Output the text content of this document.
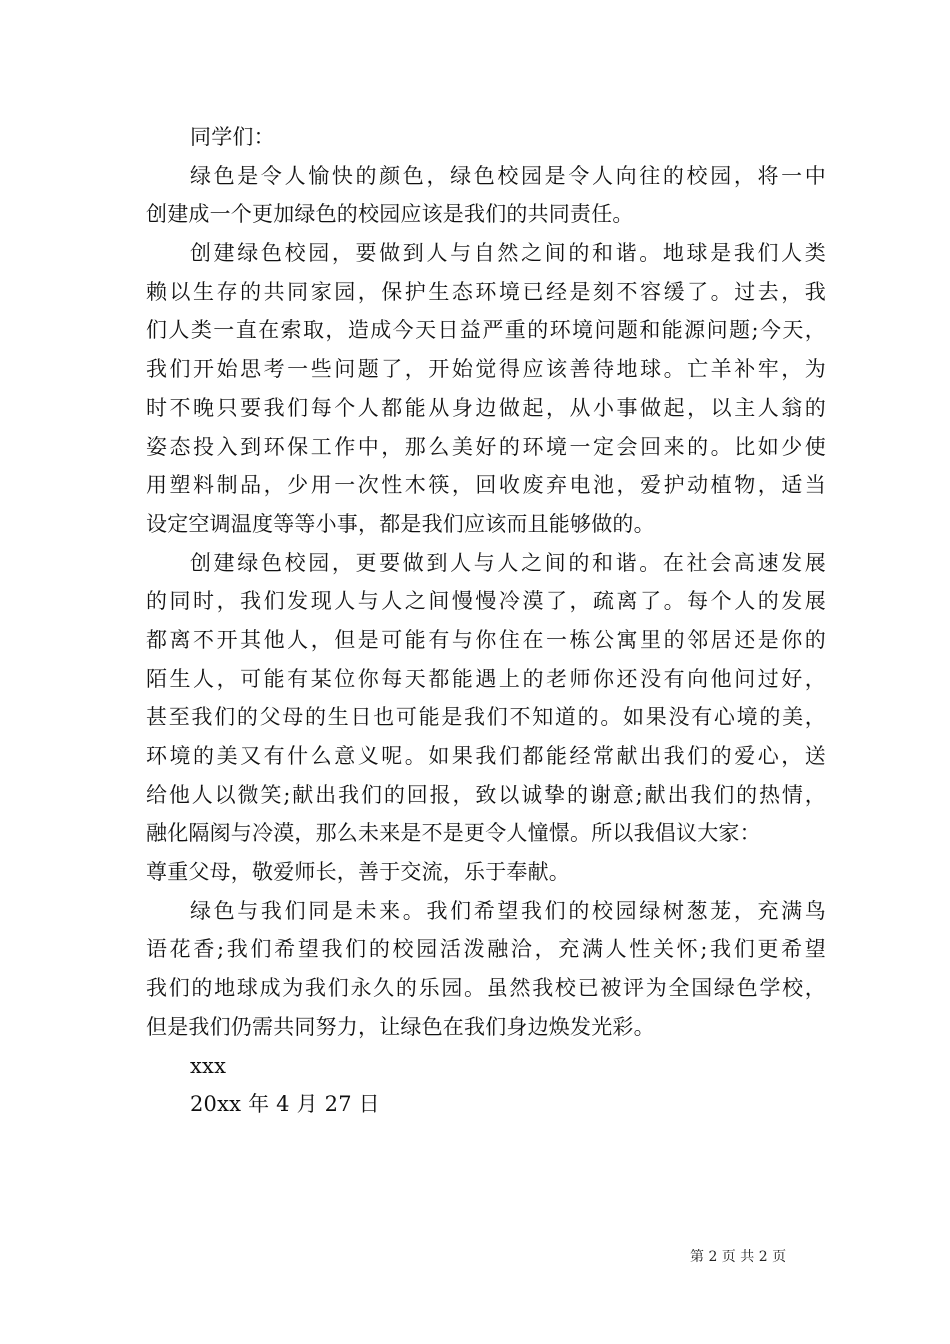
同学们：
绿色是令人愉快的颜色，绿色校园是令人向往的校园，将一中
创建成一个更加绿色的校园应该是我们的共同责任。
创建绿色校园，要做到人与自然之间的和谐。地球是我们人类
赖以生存的共同家园，保护生态环境已经是刻不容缓了。过去，我
们人类一直在索取，造成今天日益严重的环境问题和能源问题;今天，
我们开始思考一些问题了，开始觉得应该善待地球。亡羊补牢，为
时不晚只要我们每个人都能从身边做起，从小事做起，以主人翁的
姿态投入到环保工作中，那么美好的环境一定会回来的。比如少使
用塑料制品，少用一次性木筷，回收废弃电池，爱护动植物，适当
设定空调温度等等小事，都是我们应该而且能够做的。
创建绿色校园，更要做到人与人之间的和谐。在社会高速发展
的同时，我们发现人与人之间慢慢冷漠了，疏离了。每个人的发展
都离不开其他人，但是可能有与你住在一栋公寓里的邻居还是你的
陌生人，可能有某位你每天都能遇上的老师你还没有向他问过好，
甚至我们的父母的生日也可能是我们不知道的。如果没有心境的美，
环境的美又有什么意义呢。如果我们都能经常献出我们的爱心，送
给他人以微笑;献出我们的回报，致以诚挚的谢意;献出我们的热情，
融化隔阂与冷漠，那么未来是不是更令人憧憬。所以我倡议大家：
尊重父母，敬爱师长，善于交流，乐于奉献。
绿色与我们同是未来。我们希望我们的校园绿树葱茏，充满鸟
语花香;我们希望我们的校园活泼融洽，充满人性关怀;我们更希望
我们的地球成为我们永久的乐园。虽然我校已被评为全国绿色学校，
但是我们仍需共同努力，让绿色在我们身边焕发光彩。
xxx
20xx 年 4 月 27 日
第 2 页 共 2 页
